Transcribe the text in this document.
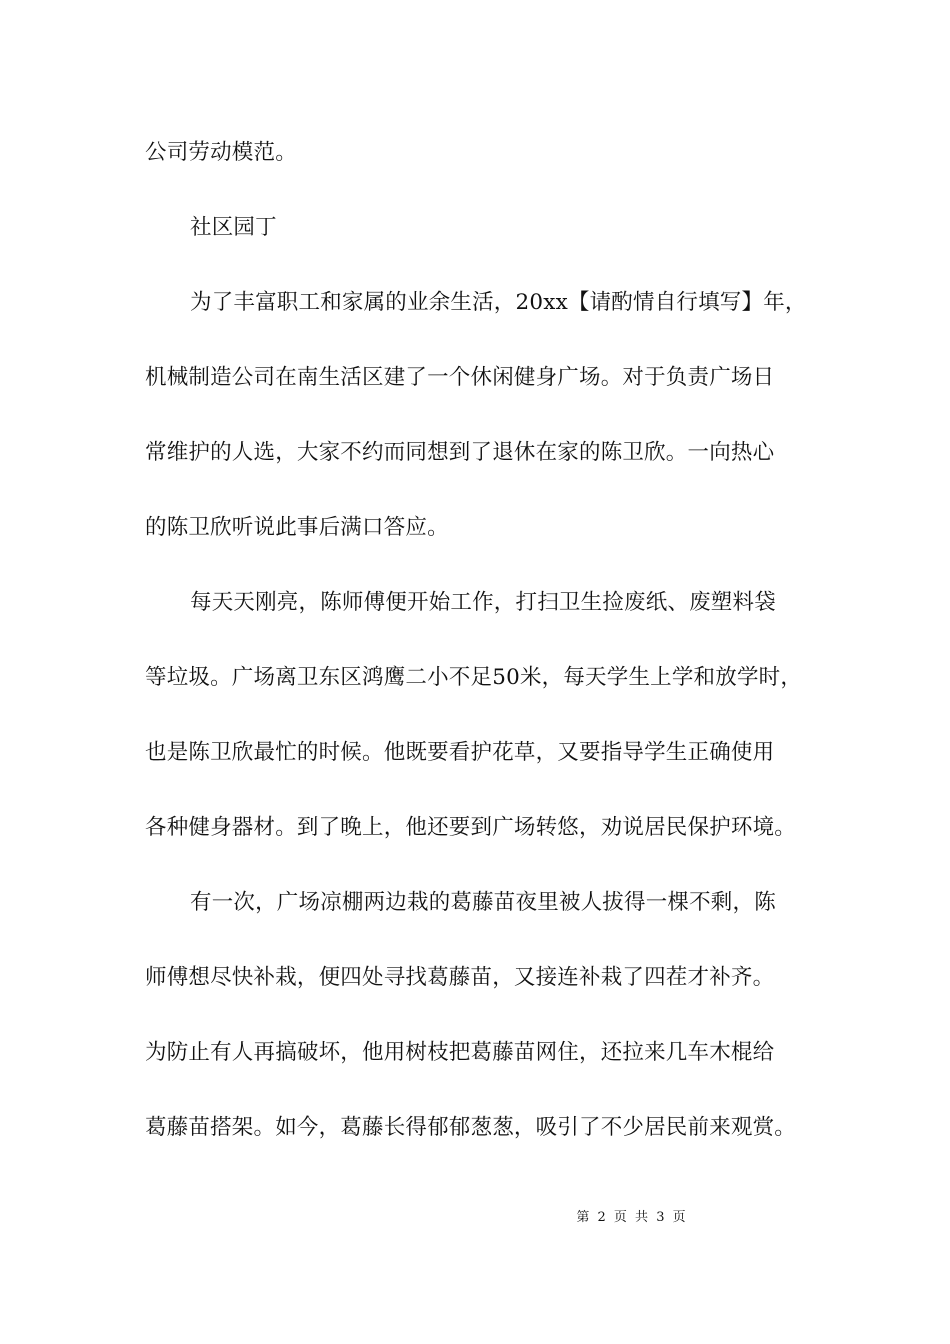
公司劳动模范。
社区园丁
为了丰富职工和家属的业余生活，20xx【请酌情自行填写】年，
机械制造公司在南生活区建了一个休闲健身广场。对于负责广场日
常维护的人选，大家不约而同想到了退休在家的陈卫欣。一向热心
的陈卫欣听说此事后满口答应。
每天天刚亮，陈师傅便开始工作，打扫卫生捡废纸、废塑料袋
等垃圾。广场离卫东区鸿鹰二小不足50米，每天学生上学和放学时，
也是陈卫欣最忙的时候。他既要看护花草，又要指导学生正确使用
各种健身器材。到了晚上，他还要到广场转悠，劝说居民保护环境。
有一次，广场凉棚两边栽的葛藤苗夜里被人拔得一棵不剩，陈
师傅想尽快补栽，便四处寻找葛藤苗，又接连补栽了四茬才补齐。
为防止有人再搞破坏，他用树枝把葛藤苗网住，还拉来几车木棍给
葛藤苗搭架。如今，葛藤长得郁郁葱葱，吸引了不少居民前来观赏。
第 2 页 共 3 页
